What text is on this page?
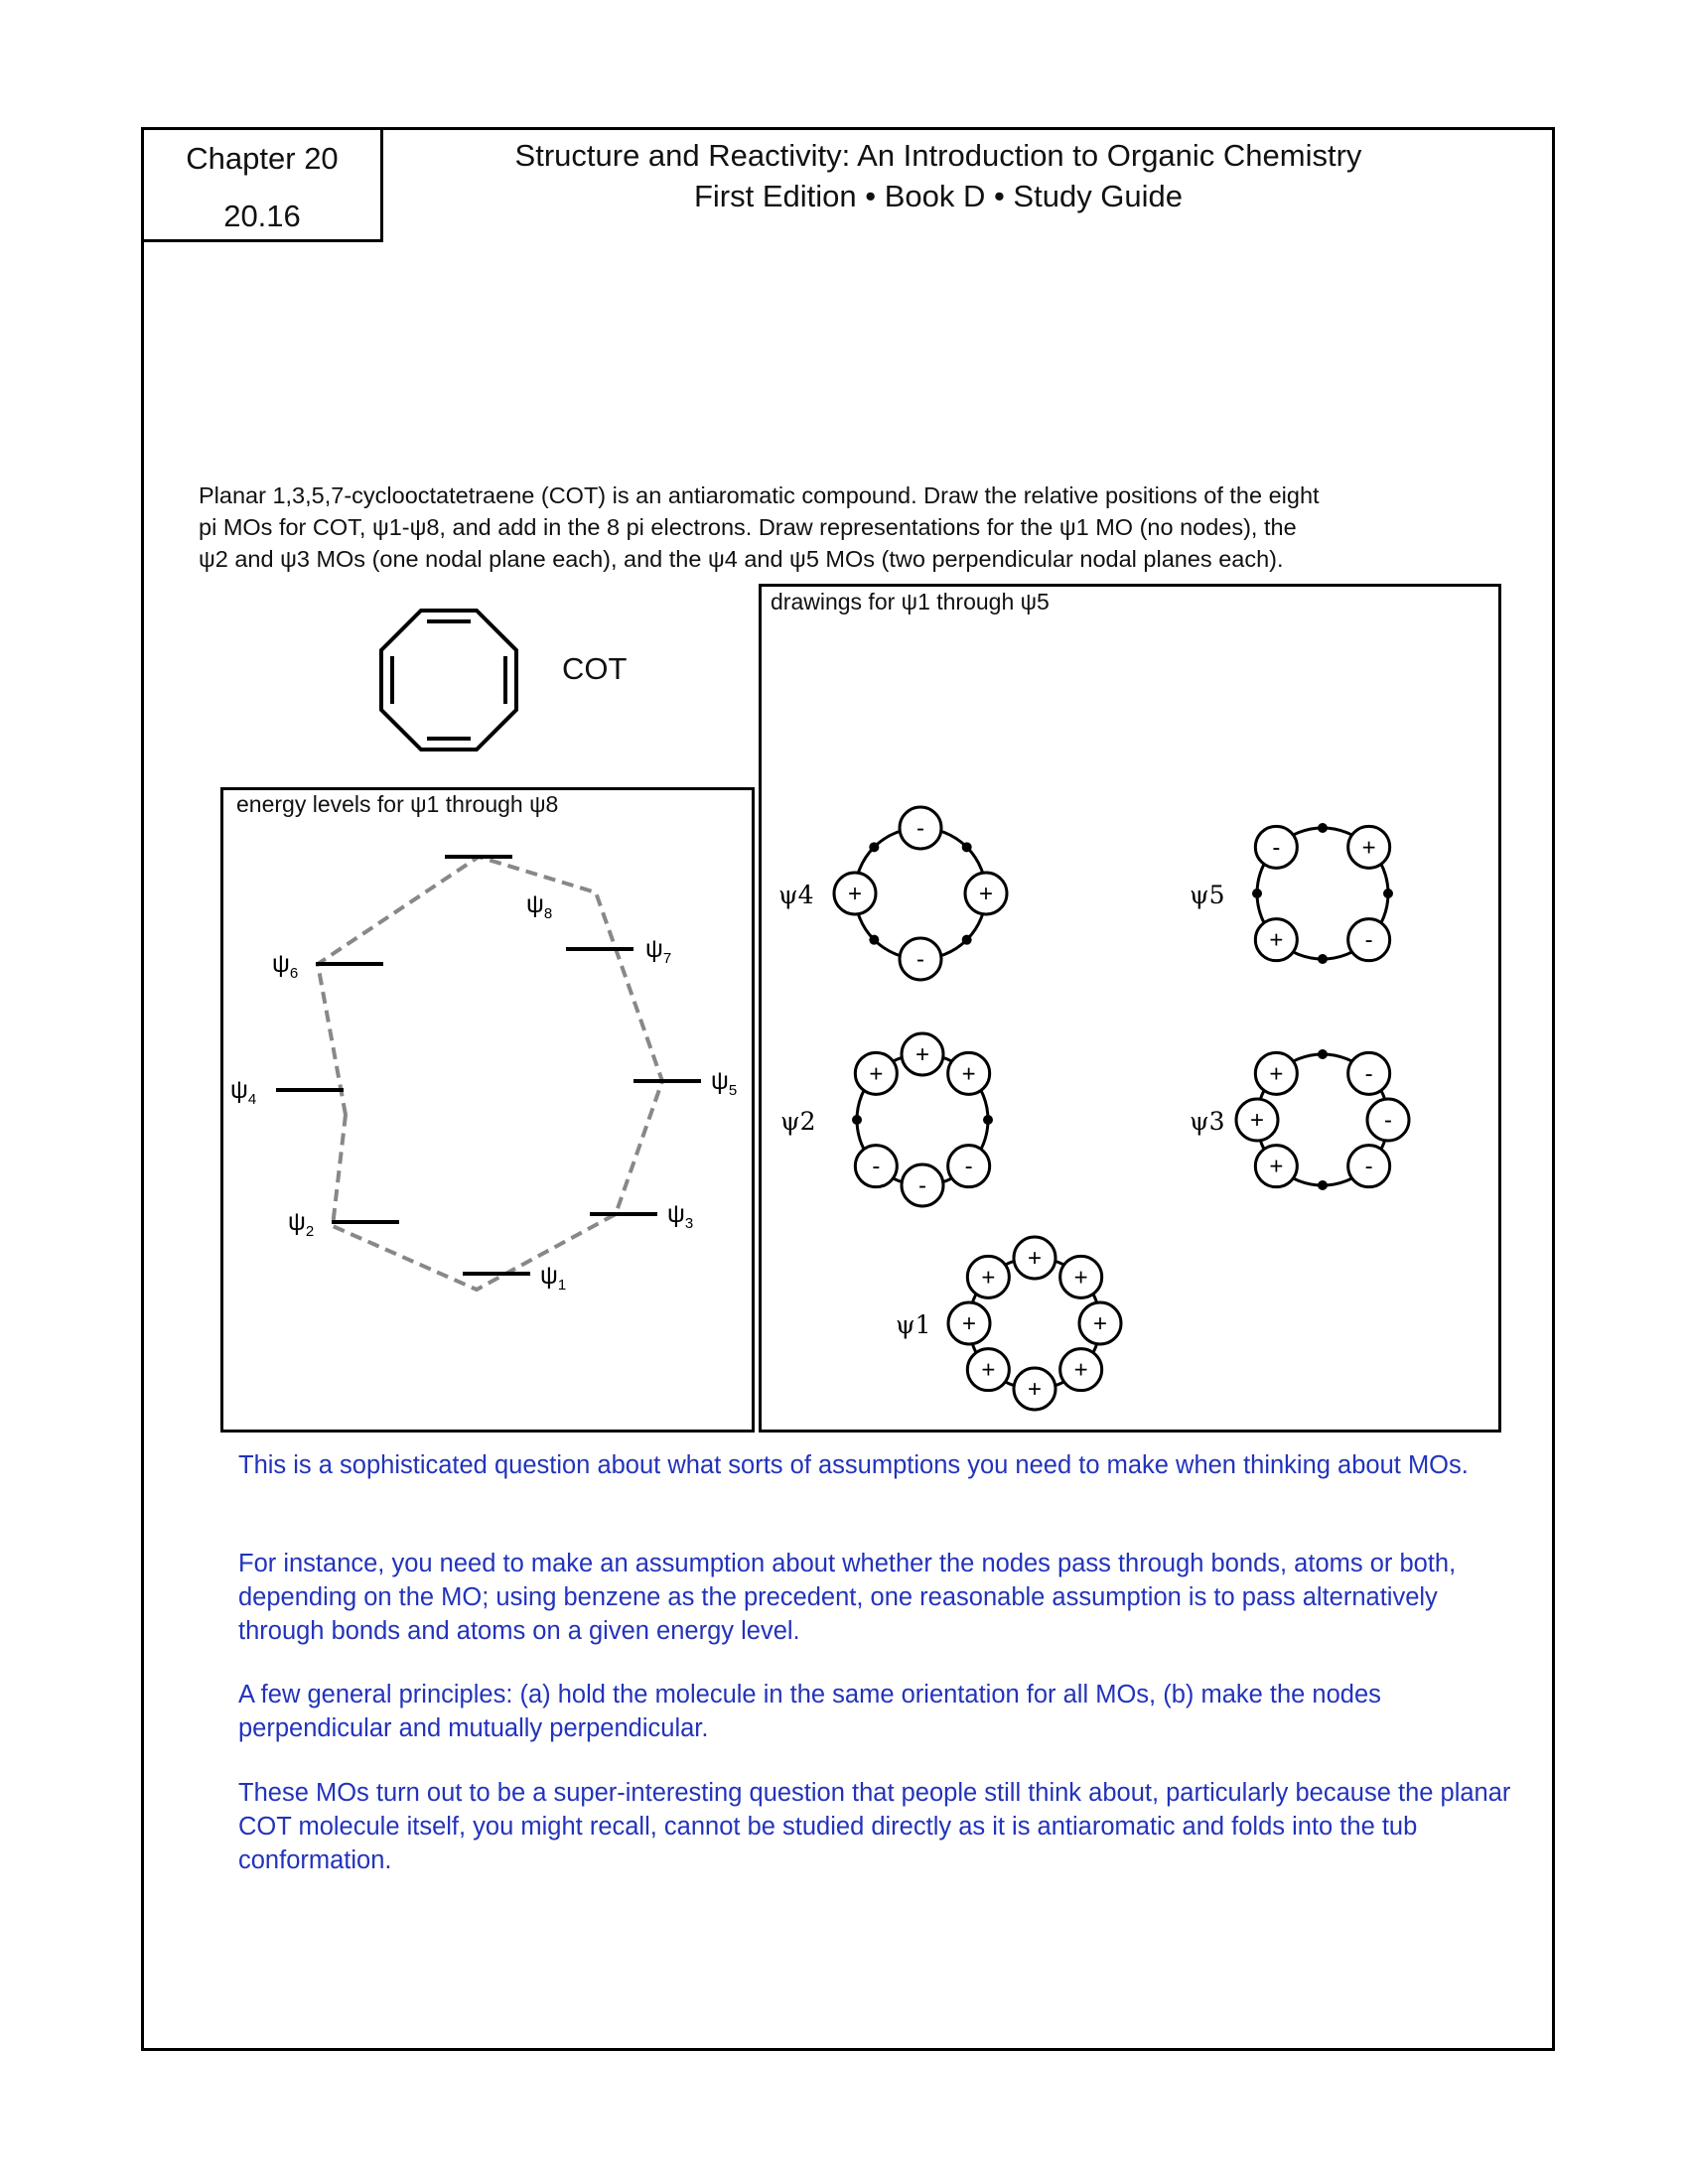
Chapter 20
20.16
Structure and Reactivity: An Introduction to Organic Chemistry
First Edition • Book D • Study Guide
Planar 1,3,5,7-cyclooctatetraene (COT) is an antiaromatic compound. Draw the relative positions of the eight
pi MOs for COT, ψ1-ψ8, and add in the 8 pi electrons. Draw representations for the ψ1 MO (no nodes), the
ψ2 and ψ3 MOs (one nodal plane each), and the ψ4 and ψ5 MOs (two perpendicular nodal planes each).
COT
energy levels for ψ1 through ψ8
$\psi_8$
$\psi_6$
$\psi_7$
$\psi_4$
$\psi_5$
$\psi_2$
$\psi_3$
$\psi_1$
drawings for ψ1 through ψ5
-
+
-
+
ψ4
+
-
+
-
ψ5
+
+
-
-
-
+
ψ2
-
-
-
+
+
+
ψ3
+
+
+
+
+
+
+
+
ψ1
This is a sophisticated question about what sorts of assumptions you need to make when thinking about MOs.
For instance, you need to make an assumption about whether the nodes pass through bonds, atoms or both, depending on the MO; using benzene as the precedent, one reasonable assumption is to pass alternatively through bonds and atoms on a given energy level.
A few general principles: (a) hold the molecule in the same orientation for all MOs, (b) make the nodes perpendicular and mutually perpendicular.
These MOs turn out to be a super-interesting question that people still think about, particularly because the planar COT molecule itself, you might recall, cannot be studied directly as it is antiaromatic and folds into the tub conformation.
